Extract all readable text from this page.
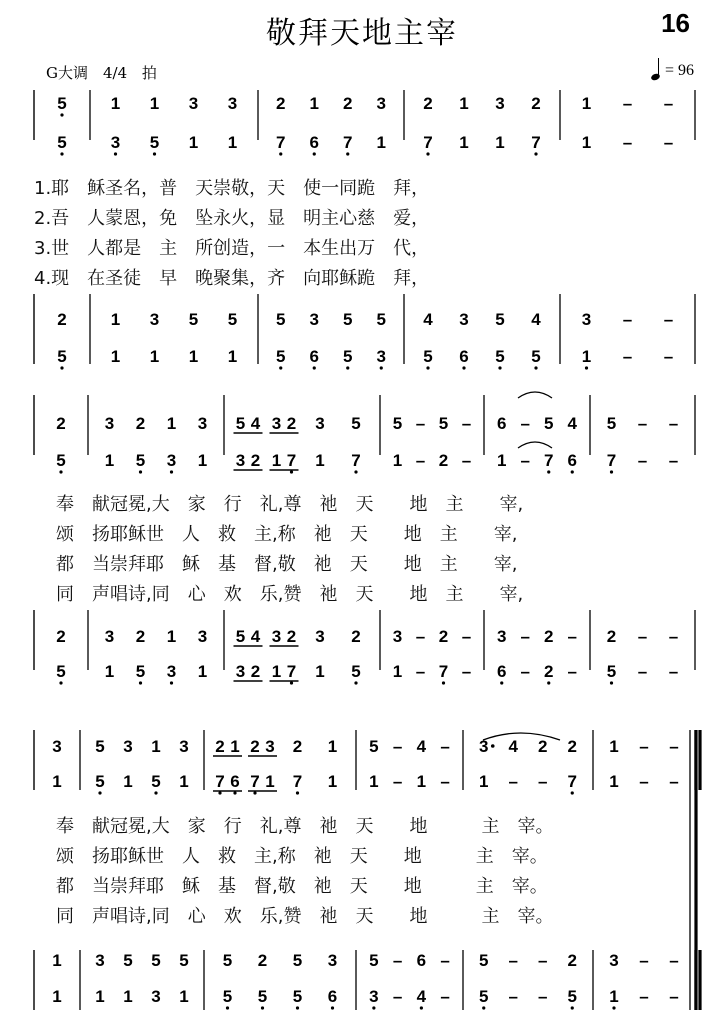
敬拜天地主宰	16
G大调　4/4 拍	= 96
5
5
2
5
1 1 3 3 2 1 2 3 2 1 3 2 1 – –
3 5 1 1 7 6 7 1 7 1 1 7 1 – –
1 3 5 5 5 3 5 5 4 3 5 4 3 – –
1 1 1 1 5 6 5 3 5 6 5 5 1 – –
2
5
2
5
3 2 1 3 5 4 3 2 3 5 5 – 5 – 6 – 5 4 5 – –
1 5 3 1 3 2 1 7 1 7 1 – 2 – 1 – 7 6 7 – –
3 2 1 3 5 4 3 2 3 2 3 – 2 – 3 – 2 – 2 – –
1 5 3 1 3 2 1 7 1 5 1 – 7 – 6 – 2 – 5 – –
3
1
1
1
5 3 1 3 2 1 2 3 2 1 5 – 4 – 3 4 2 2 1 – –
5 1 5 1 7 6 7 1 7 1 1 – 1 – 1 – – 7 1 – –
3 5 5 5 5 2 5 3 5 – 6 – 5 – – 2 3 – –
1 1 3 1 5 5 5 6 3 – 4 – 5 – – 5 1 – –
1.耶　稣圣名，普　天崇敬，天　使一同跪　拜，
2.吾　人蒙恩，免　坠永火，显　明主心慈　爱，
3.世　人都是　主　所创造，一　本生出万　代，
4.现　在圣徒　早　晚聚集，齐　向耶稣跪　拜，
奉　献冠冕,大　家　行　礼,尊　祂　天　　地　主　　宰,
颂　扬耶稣世　人　救　主,称　祂　天　　地　主　　宰,
都　当崇拜耶　稣　基　督,敬　祂　天　　地　主　　宰,
同　声唱诗,同　心　欢　乐,赞　祂　天　　地　主　　宰,
奉　献冠冕,大　家　行　礼,尊　祂　天　　地　　　主　宰。
颂　扬耶稣世　人　救　主,称　祂　天　　地　　　主　宰。
都　当崇拜耶　稣　基　督,敬　祂　天　　地　　　主　宰。
同　声唱诗,同　心　欢　乐,赞　祂　天　　地　　　主　宰。
